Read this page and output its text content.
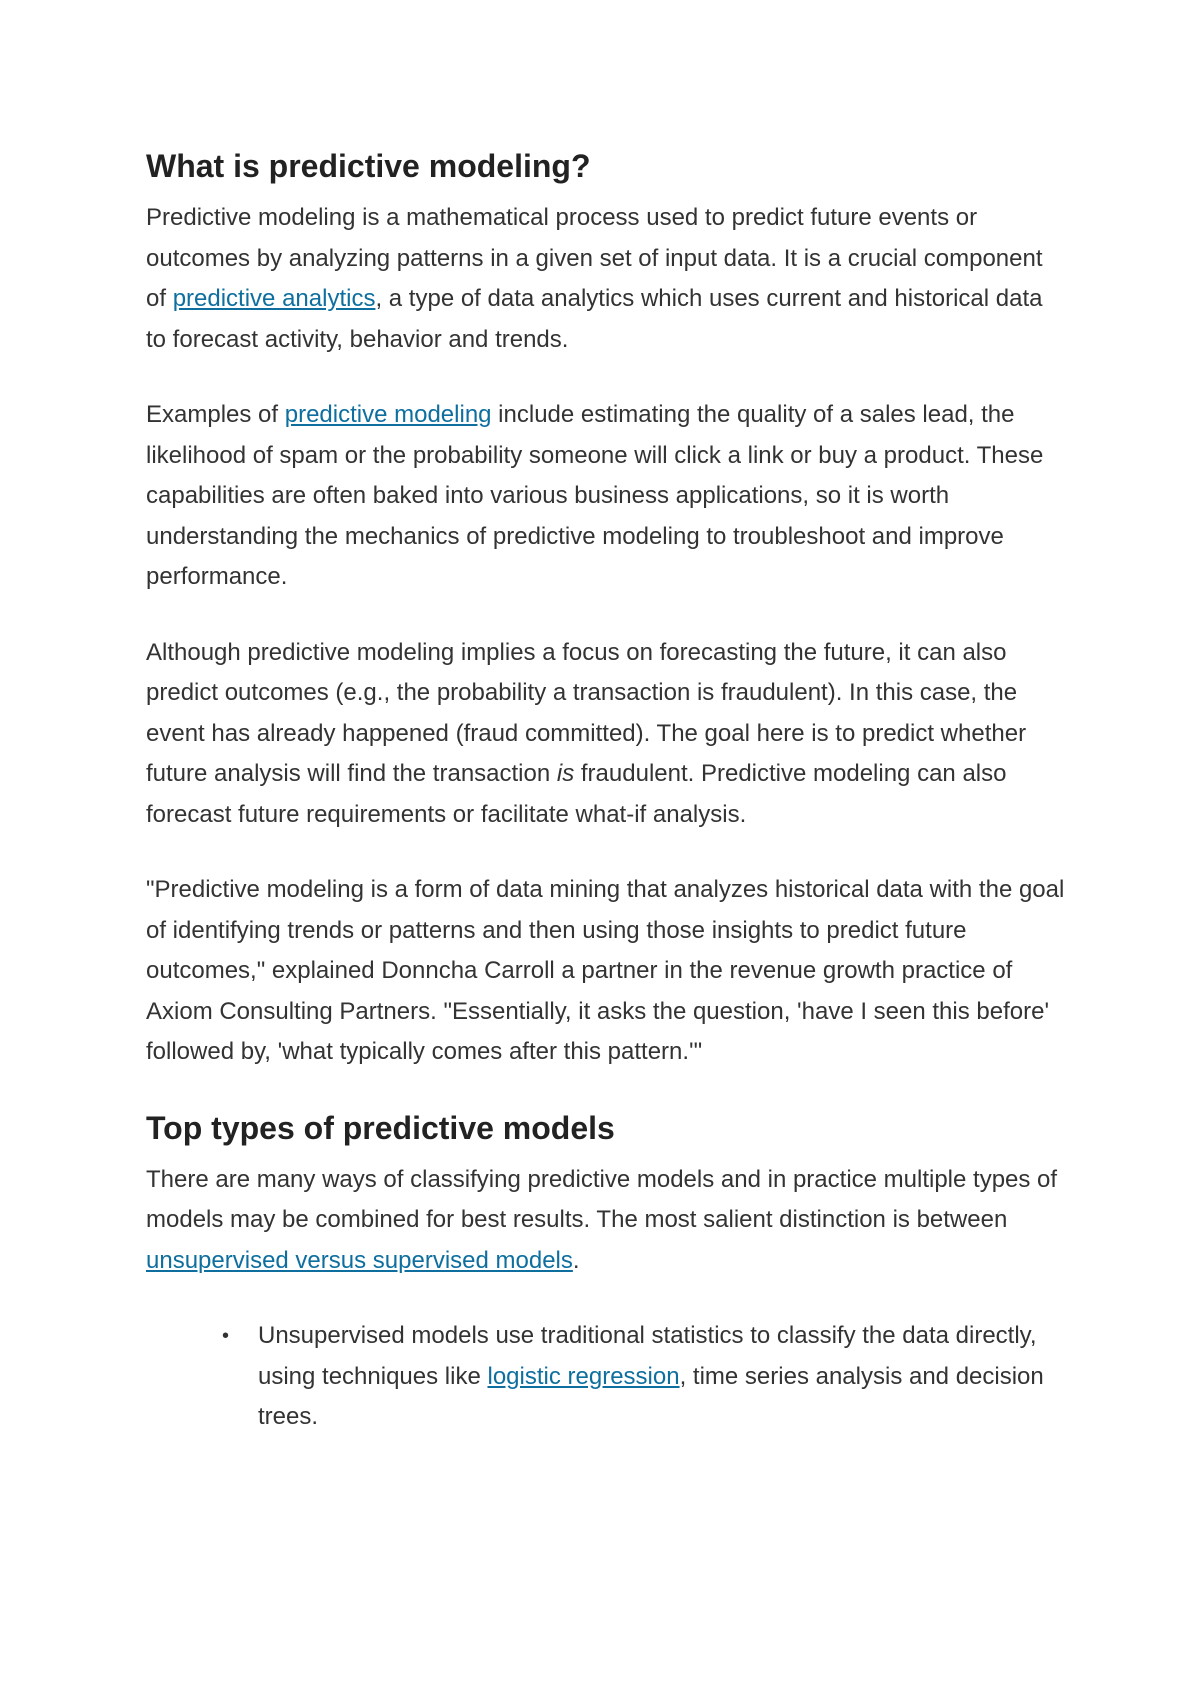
What is predictive modeling?

Predictive modeling is a mathematical process used to predict future events or outcomes by analyzing patterns in a given set of input data. It is a crucial component of predictive analytics, a type of data analytics which uses current and historical data to forecast activity, behavior and trends.

Examples of predictive modeling include estimating the quality of a sales lead, the likelihood of spam or the probability someone will click a link or buy a product. These capabilities are often baked into various business applications, so it is worth understanding the mechanics of predictive modeling to troubleshoot and improve performance.

Although predictive modeling implies a focus on forecasting the future, it can also predict outcomes (e.g., the probability a transaction is fraudulent). In this case, the event has already happened (fraud committed). The goal here is to predict whether future analysis will find the transaction is fraudulent. Predictive modeling can also forecast future requirements or facilitate what-if analysis.

"Predictive modeling is a form of data mining that analyzes historical data with the goal of identifying trends or patterns and then using those insights to predict future outcomes," explained Donncha Carroll a partner in the revenue growth practice of Axiom Consulting Partners. "Essentially, it asks the question, 'have I seen this before' followed by, 'what typically comes after this pattern.'"

Top types of predictive models

There are many ways of classifying predictive models and in practice multiple types of models may be combined for best results. The most salient distinction is between unsupervised versus supervised models.

• Unsupervised models use traditional statistics to classify the data directly, using techniques like logistic regression, time series analysis and decision trees.
